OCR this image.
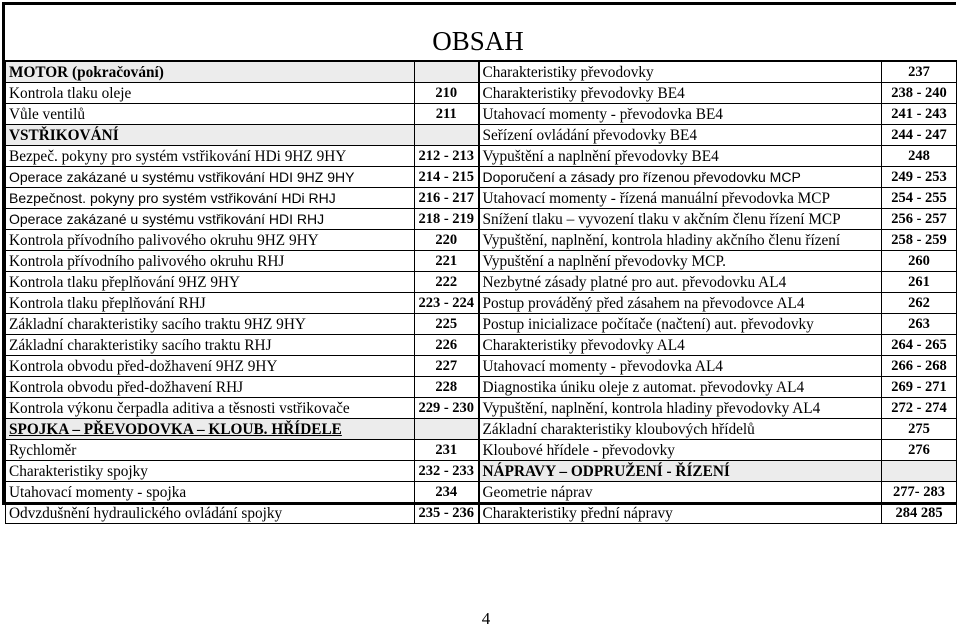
OBSAH
MOTOR (pokračování)		Charakteristiky převodovky	237
Kontrola tlaku oleje	210	Charakteristiky převodovky BE4	238 - 240
Vůle ventilů	211	Utahovací momenty - převodovka BE4	241 - 243
VSTŘIKOVÁNÍ		Seřízení ovládání převodovky BE4	244 - 247
Bezpeč. pokyny pro systém vstřikování HDi 9HZ 9HY	212 - 213	Vypuštění a naplnění převodovky BE4	248
Operace zakázané u systému vstřikování HDI 9HZ 9HY	214 - 215	Doporučení a zásady pro řízenou převodovku MCP	249 - 253
Bezpečnost. pokyny pro systém vstřikování HDi RHJ	216 - 217	Utahovací momenty - řízená manuální převodovka MCP	254 - 255
Operace zakázané u systému vstřikování HDI RHJ	218 - 219	Snížení tlaku – vyvození tlaku v akčním členu řízení MCP	256 - 257
Kontrola přívodního palivového okruhu 9HZ 9HY	220	Vypuštění, naplnění, kontrola hladiny akčního členu řízení	258 - 259
Kontrola přívodního palivového okruhu RHJ	221	Vypuštění a naplnění převodovky MCP.	260
Kontrola tlaku přeplňování 9HZ 9HY	222	Nezbytné zásady platné pro aut. převodovku AL4	261
Kontrola tlaku přeplňování RHJ	223 - 224	Postup prováděný před zásahem na převodovce AL4	262
Základní charakteristiky sacího traktu 9HZ 9HY	225	Postup inicializace počítače (načtení) aut. převodovky	263
Základní charakteristiky sacího traktu RHJ	226	Charakteristiky převodovky AL4	264 - 265
Kontrola obvodu před-dožhavení 9HZ 9HY	227	Utahovací momenty - převodovka AL4	266 - 268
Kontrola obvodu před-dožhavení RHJ	228	Diagnostika úniku oleje z automat. převodovky AL4	269 - 271
Kontrola výkonu čerpadla aditiva a těsnosti vstřikovače	229 - 230	Vypuštění, naplnění, kontrola hladiny převodovky AL4	272 - 274
SPOJKA – PŘEVODOVKA – KLOUB. HŘÍDELE		Základní charakteristiky kloubových hřídelů	275
Rychloměr	231	Kloubové hřídele - převodovky	276
Charakteristiky spojky	232 - 233	NÁPRAVY – ODPRUŽENÍ - ŘÍZENÍ	
Utahovací momenty - spojka	234	Geometrie náprav	277- 283
Odvzdušnění hydraulického ovládání spojky	235 - 236	Charakteristiky přední nápravy	284 285
4
